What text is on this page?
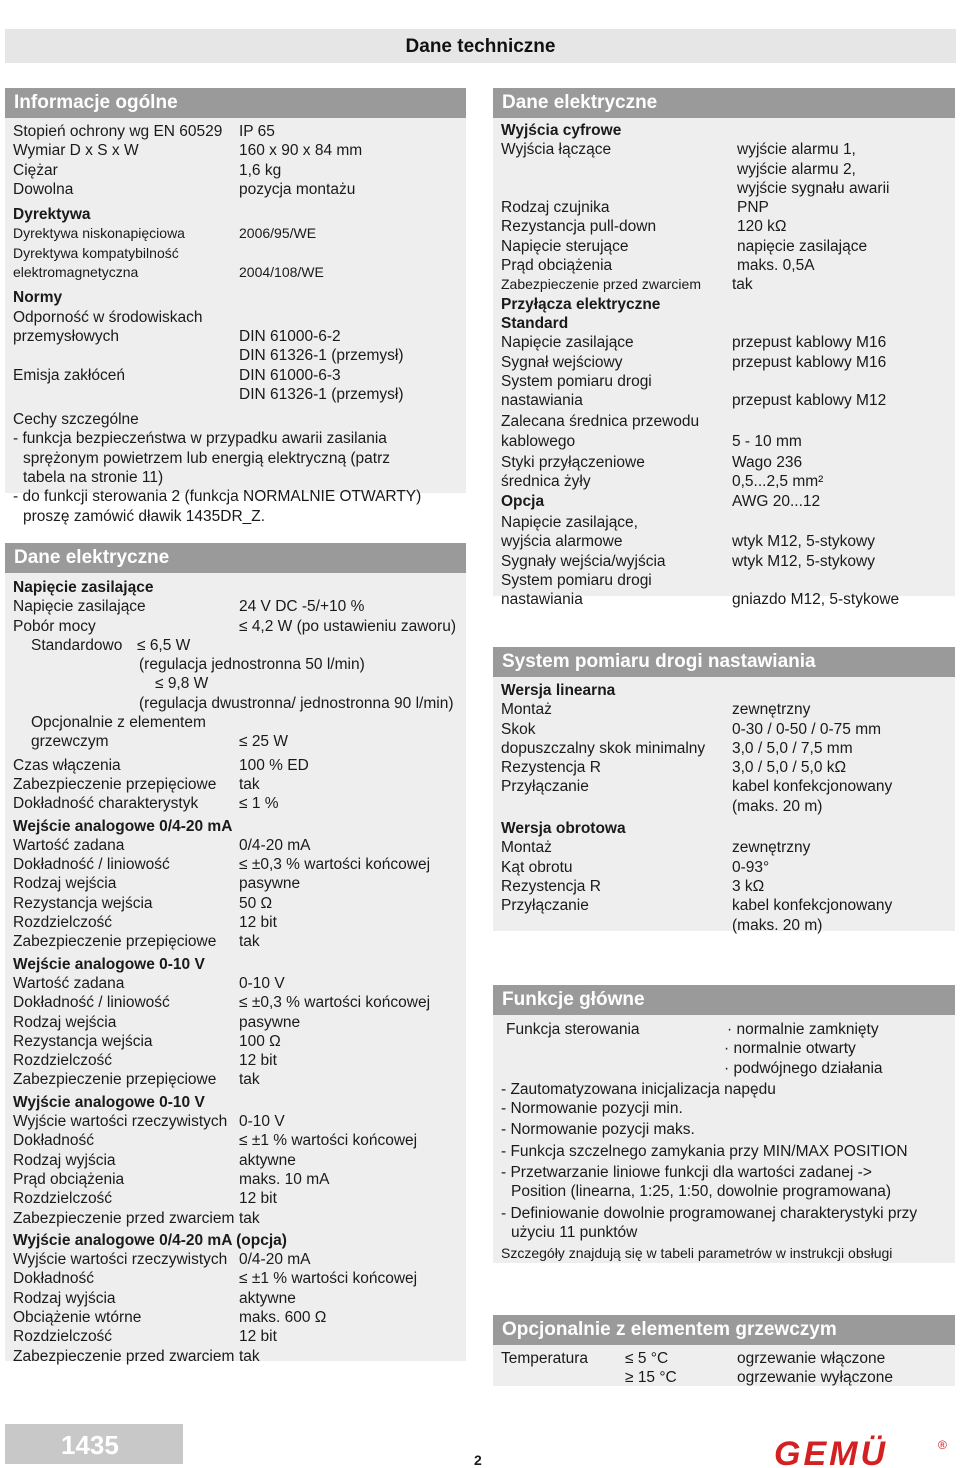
Dane techniczne
Informacje ogólne
Stopień ochrony wg EN 60529 IP 65
Wymiar D x S x W	160 x 90 x 84 mm
Ciężar	1,6 kg
Dowolna	pozycja montażu
Dyrektywa
Dyrektywa niskonapięciowa	2006/95/WE
Dyrektywa kompatybilność
elektromagnetyczna	2004/108/WE
Normy
Odporność w środowiskach
przemysłowych	DIN 61000-6-2
DIN 61326-1 (przemysł)
Emisja zakłóceń	DIN 61000-6-3
DIN 61326-1 (przemysł)
Cechy szczególne
- funkcja bezpieczeństwa w przypadku awarii zasilania
sprężonym powietrzem lub energią elektryczną (patrz
tabela na stronie 11)
- do funkcji sterowania 2 (funkcja NORMALNIE OTWARTY)
proszę zamówić dławik 1435DR_Z.
Dane elektryczne
Napięcie zasilające
Napięcie zasilające	24 V DC -5/+10 %
Pobór mocy	≤ 4,2 W (po ustawieniu zaworu)
Standardowo ≤ 6,5 W
(regulacja jednostronna 50 l/min)
≤ 9,8 W
(regulacja dwustronna/ jednostronna 90 l/min)
Opcjonalnie z elementem
grzewczym	≤ 25 W
Czas włączenia	100 % ED
Zabezpieczenie przepięciowe tak
Dokładność charakterystyk	≤ 1 %
Wejście analogowe 0/4-20 mA
Wartość zadana	0/4-20 mA
Dokładność / liniowość	≤ ±0,3 % wartości końcowej
Rodzaj wejścia	pasywne
Rezystancja wejścia	50 Ω
Rozdzielczość	12 bit
Zabezpieczenie przepięciowe tak
Wejście analogowe 0-10 V
Wartość zadana	0-10 V
Dokładność / liniowość	≤ ±0,3 % wartości końcowej
Rodzaj wejścia	pasywne
Rezystancja wejścia	100 Ω
Rozdzielczość	12 bit
Zabezpieczenie przepięciowe tak
Wyjście analogowe 0-10 V
Wyjście wartości rzeczywistych 0-10 V
Dokładność	≤ ±1 % wartości końcowej
Rodzaj wyjścia	aktywne
Prąd obciążenia	maks. 10 mA
Rozdzielczość	12 bit
Zabezpieczenie przed zwarciem tak
Wyjście analogowe 0/4-20 mA (opcja)
Wyjście wartości rzeczywistych 0/4-20 mA
Dokładność	≤ ±1 % wartości końcowej
Rodzaj wyjścia	aktywne
Obciążenie wtórne	maks. 600 Ω
Rozdzielczość	12 bit
Zabezpieczenie przed zwarciem tak
Dane elektryczne
Wyjścia cyfrowe
Wyjścia łączące	wyjście alarmu 1,
wyjście alarmu 2,
wyjście sygnału awarii
Rodzaj czujnika	PNP
Rezystancja pull-down	120 kΩ
Napięcie sterujące	napięcie zasilające
Prąd obciążenia	maks. 0,5A
Zabezpieczenie przed zwarciem tak
Przyłącza elektryczne
Standard
Napięcie zasilające	przepust kablowy M16
Sygnał wejściowy	przepust kablowy M16
System pomiaru drogi
nastawiania	przepust kablowy M12
Zalecana średnica przewodu
kablowego	5 - 10 mm
Styki przyłączeniowe	Wago 236
średnica żyły	0,5...2,5 mm²
Opcja	AWG 20...12
Napięcie zasilające,
wyjścia alarmowe	wtyk M12, 5-stykowy
Sygnały wejścia/wyjścia	wtyk M12, 5-stykowy
System pomiaru drogi
nastawiania	gniazdo M12, 5-stykowe
System pomiaru drogi nastawiania
Wersja linearna
Montaż	zewnętrzny
Skok	0-30 / 0-50 / 0-75 mm
dopuszczalny skok minimalny 3,0 / 5,0 / 7,5 mm
Rezystencja R	3,0 / 5,0 / 5,0 kΩ
Przyłączanie	kabel konfekcjonowany
(maks. 20 m)
Wersja obrotowa
Montaż	zewnętrzny
Kąt obrotu	0-93°
Rezystencja R	3 kΩ
Przyłączanie	kabel konfekcjonowany
(maks. 20 m)
Funkcje główne
Funkcja sterowania	· normalnie zamknięty
· normalnie otwarty
· podwójnego działania
- Zautomatyzowana inicjalizacja napędu
- Normowanie pozycji min.
- Normowanie pozycji maks.
- Funkcja szczelnego zamykania przy MIN/MAX POSITION
- Przetwarzanie liniowe funkcji dla wartości zadanej ->
Position (linearna, 1:25, 1:50, dowolnie programowana)
- Definiowanie dowolnie programowanej charakterystyki przy
użyciu 11 punktów
Szczegóły znajdują się w tabeli parametrów w instrukcji obsługi
Opcjonalnie z elementem grzewczym
Temperatura ≤ 5 °C	ogrzewanie włączone
≥ 15 °C	ogrzewanie wyłączone
1435	2	GEMÜ	®
